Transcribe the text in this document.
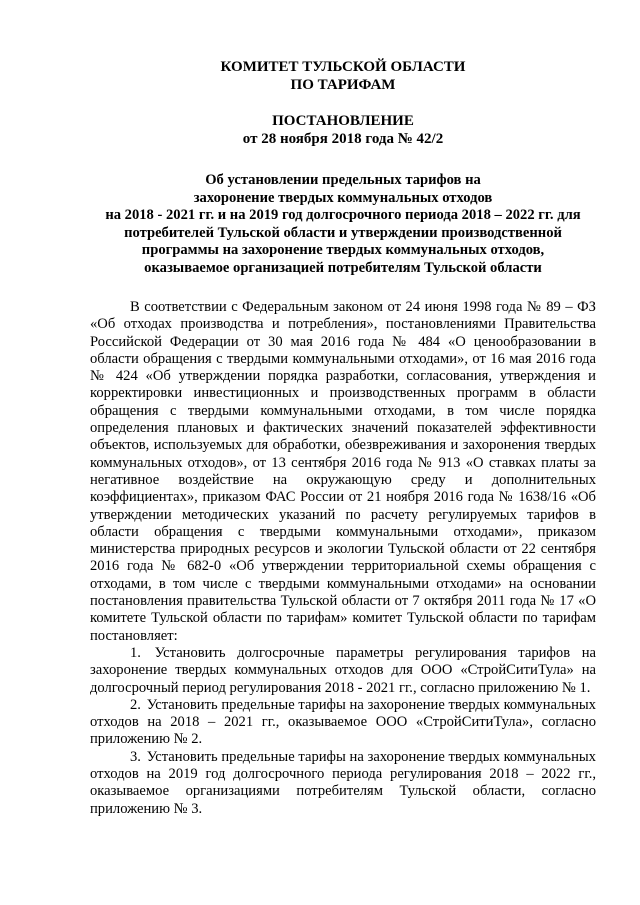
КОМИТЕТ ТУЛЬСКОЙ ОБЛАСТИ
ПО ТАРИФАМ
ПОСТАНОВЛЕНИЕ
от 28 ноября 2018 года № 42/2
Об установлении предельных тарифов на
захоронение твердых коммунальных отходов
на 2018 - 2021 гг. и на 2019 год долгосрочного периода 2018 – 2022 гг. для
потребителей Тульской области и утверждении производственной
программы на захоронение твердых коммунальных отходов,
оказываемое организацией потребителям Тульской области

В соответствии с Федеральным законом от 24 июня 1998 года № 89 – ФЗ «Об отходах производства и потребления», постановлениями Правительства Российской Федерации от 30 мая 2016 года № 484 «О ценообразовании в области обращения с твердыми коммунальными отходами», от 16 мая 2016 года № 424 «Об утверждении порядка разработки, согласования, утверждения и корректировки инвестиционных и производственных программ в области обращения с твердыми коммунальными отходами, в том числе порядка определения плановых и фактических значений показателей эффективности объектов, используемых для обработки, обезвреживания и захоронения твердых коммунальных отходов», от 13 сентября 2016 года № 913 «О ставках платы за негативное воздействие на окружающую среду и дополнительных коэффициентах», приказом ФАС России от 21 ноября 2016 года № 1638/16 «Об утверждении методических указаний по расчету регулируемых тарифов в области обращения с твердыми коммунальными отходами», приказом министерства природных ресурсов и экологии Тульской области от 22 сентября 2016 года № 682-0 «Об утверждении территориальной схемы обращения с отходами, в том числе с твердыми коммунальными отходами» на основании постановления правительства Тульской области от 7 октября 2011 года № 17 «О комитете Тульской области по тарифам» комитет Тульской области по тарифам постановляет:

1. Установить долгосрочные параметры регулирования тарифов на захоронение твердых коммунальных отходов для ООО «СтройСитиТула» на долгосрочный период регулирования 2018 - 2021 гг., согласно приложению № 1.

2. Установить предельные тарифы на захоронение твердых коммунальных отходов на 2018 – 2021 гг., оказываемое ООО «СтройСитиТула», согласно приложению № 2.

3. Установить предельные тарифы на захоронение твердых коммунальных отходов на 2019 год долгосрочного периода регулирования 2018 – 2022 гг., оказываемое организациями потребителям Тульской области, согласно приложению № 3.
